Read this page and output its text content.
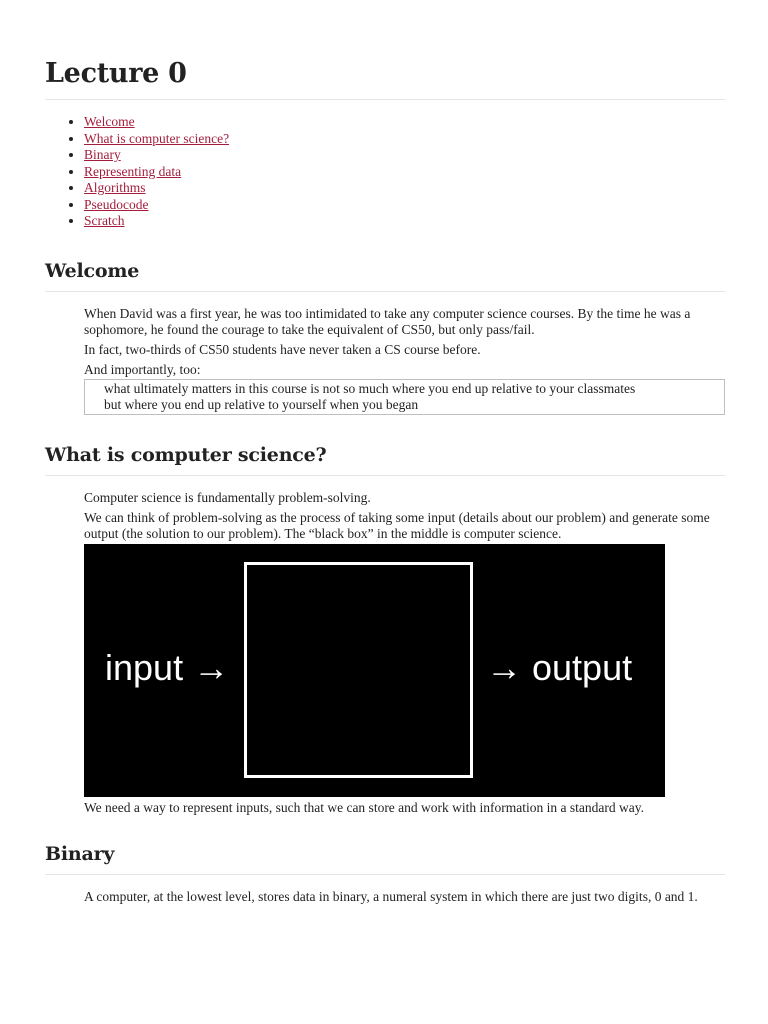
Lecture 0
• Welcome
• What is computer science?
• Binary
• Representing data
• Algorithms
• Pseudocode
• Scratch
Welcome

When David was a first year, he was too intimidated to take any computer science courses. By the time he was a sophomore, he found the courage to take the equivalent of CS50, but only pass/fail.

In fact, two-thirds of CS50 students have never taken a CS course before.

And importantly, too:

what ultimately matters in this course is not so much where you end up relative to your classmates
but where you end up relative to yourself when you began
What is computer science?

Computer science is fundamentally problem-solving.

We can think of problem-solving as the process of taking some input (details about our problem) and generate some output (the solution to our problem). The “black box” in the middle is computer science.

input →	→ output

We need a way to represent inputs, such that we can store and work with information in a standard way.

Binary

A computer, at the lowest level, stores data in binary, a numeral system in which there are just two digits, 0 and 1.
